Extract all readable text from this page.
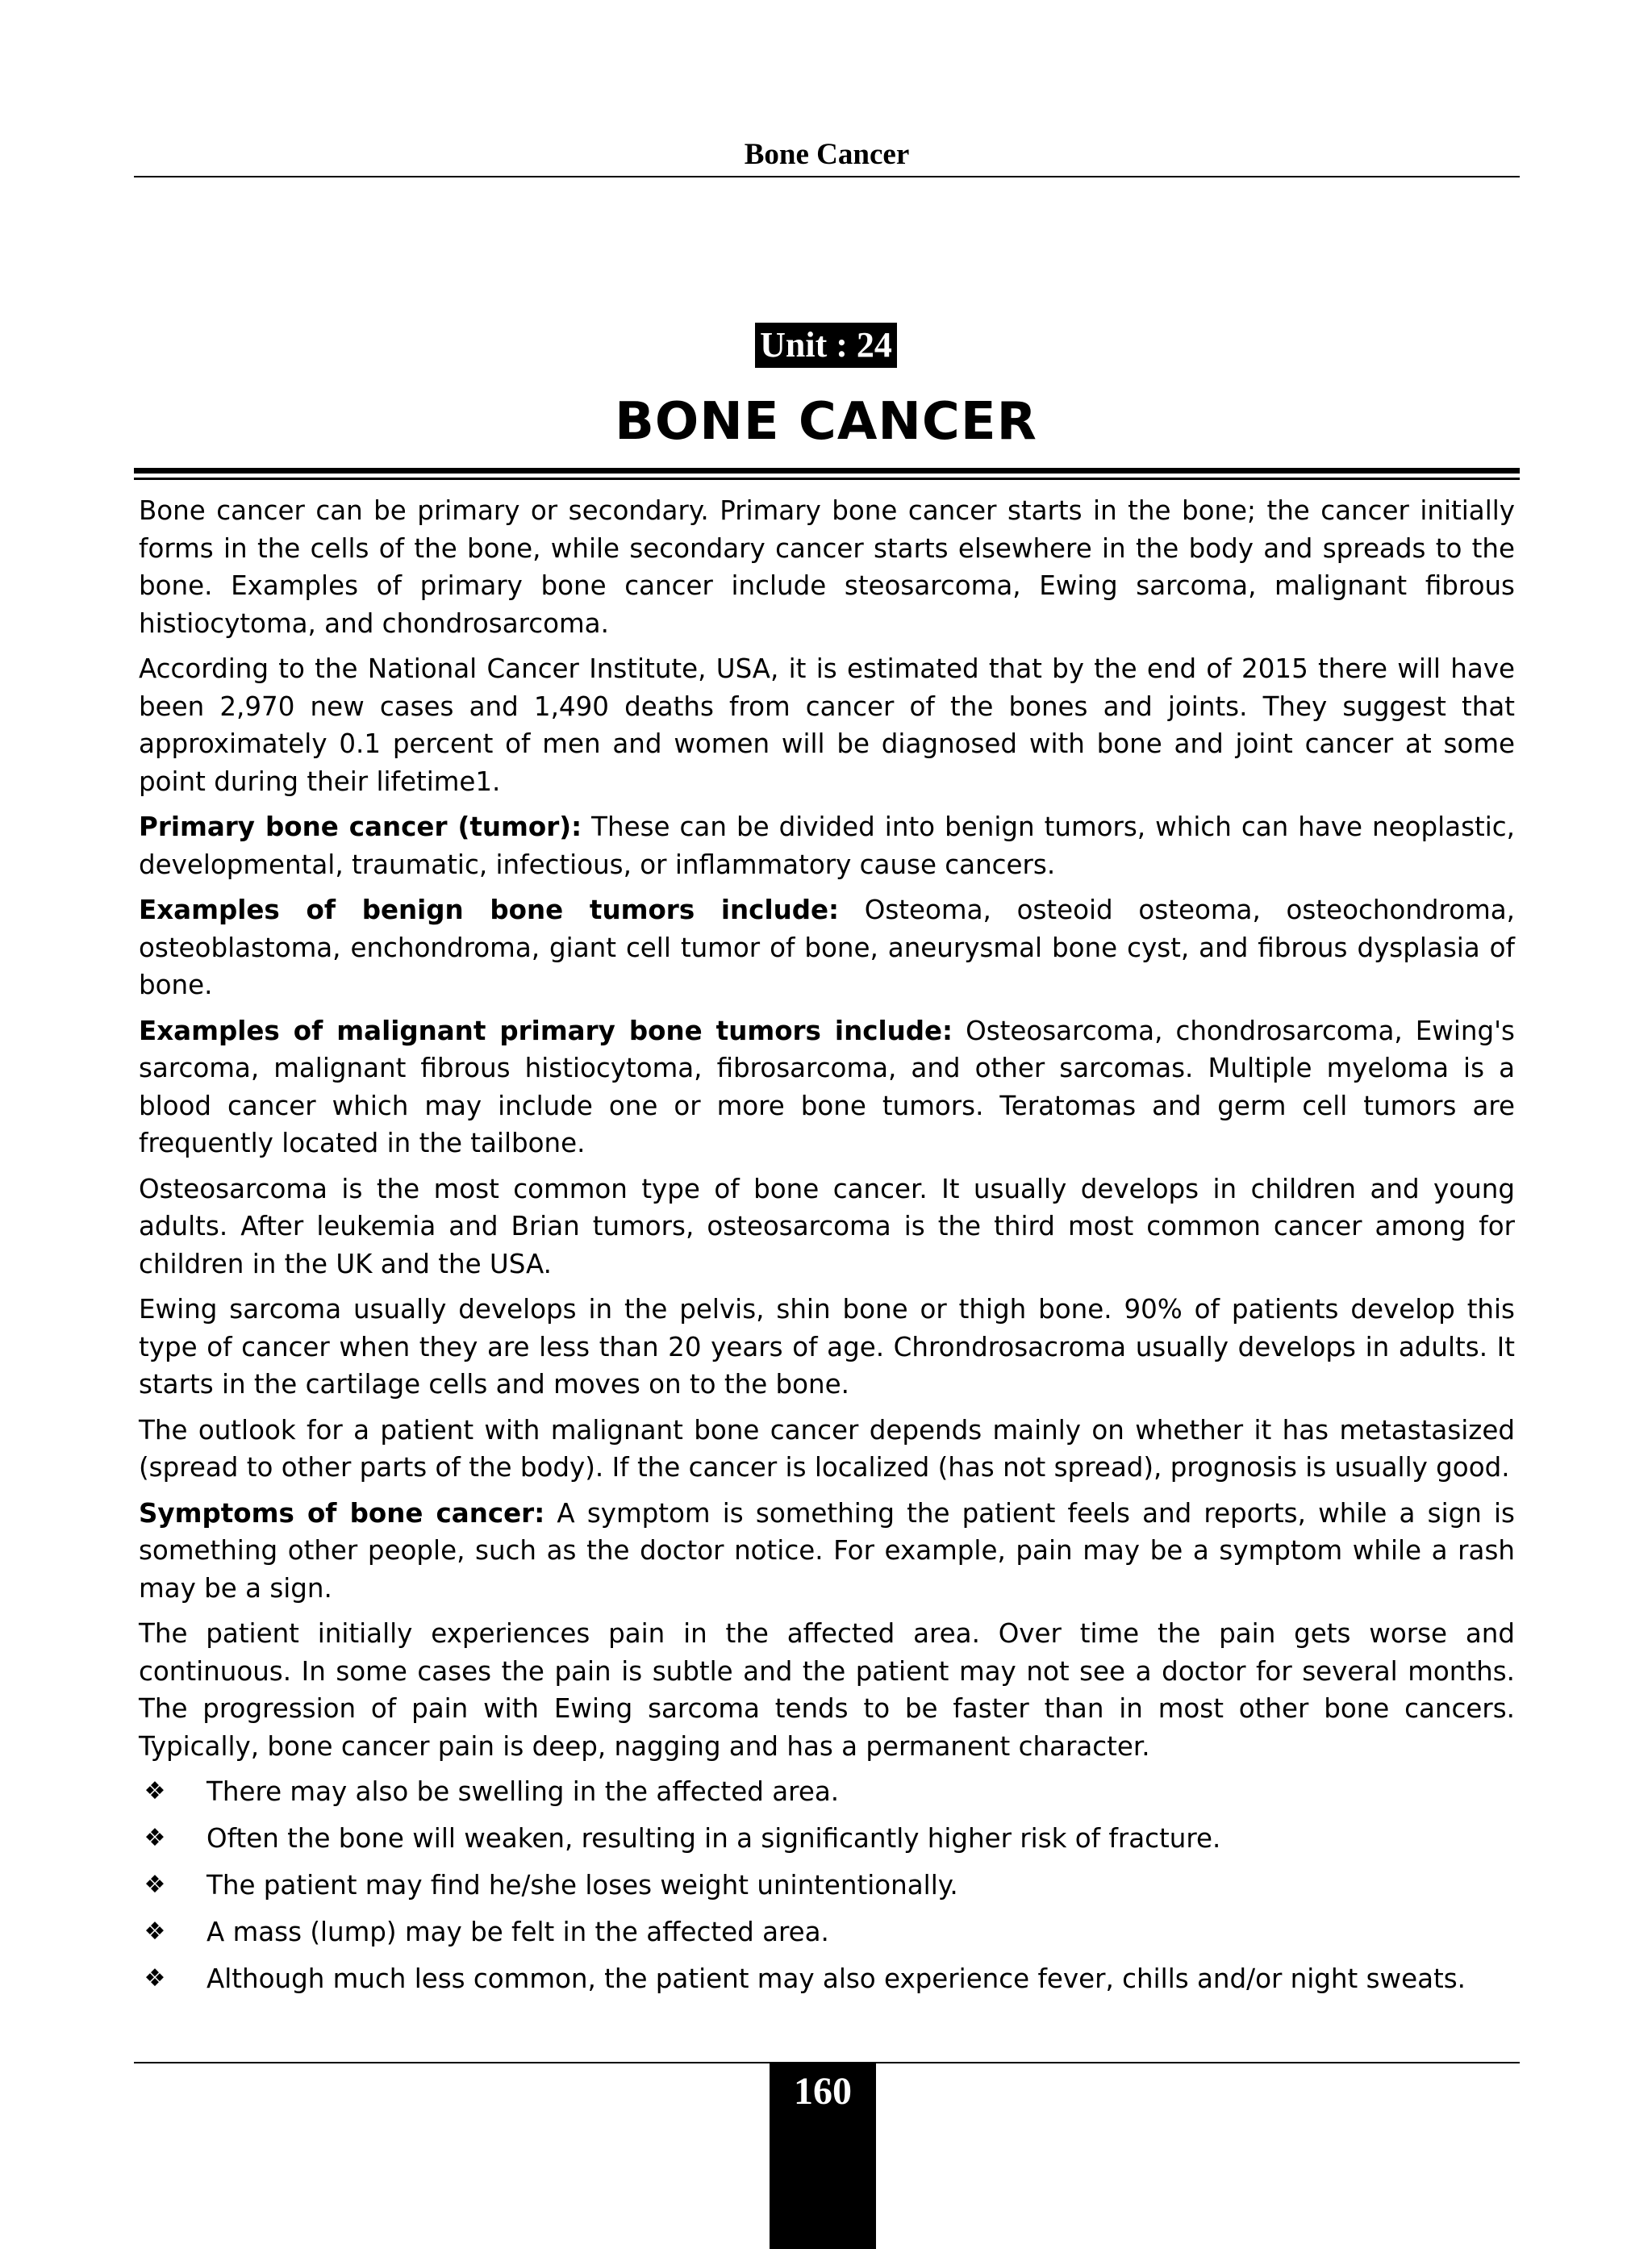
Bone Cancer
Unit : 24
BONE CANCER

Bone cancer can be primary or secondary. Primary bone cancer starts in the bone; the cancer initially forms in the cells of the bone, while secondary cancer starts elsewhere in the body and spreads to the bone. Examples of primary bone cancer include steosarcoma, Ewing sarcoma, malignant fibrous histiocytoma, and chondrosarcoma.

According to the National Cancer Institute, USA, it is estimated that by the end of 2015 there will have been 2,970 new cases and 1,490 deaths from cancer of the bones and joints. They suggest that approximately 0.1 percent of men and women will be diagnosed with bone and joint cancer at some point during their lifetime1.

Primary bone cancer (tumor): These can be divided into benign tumors, which can have neoplastic, developmental, traumatic, infectious, or inflammatory cause cancers.

Examples of benign bone tumors include: Osteoma, osteoid osteoma, osteochondroma, osteoblastoma, enchondroma, giant cell tumor of bone, aneurysmal bone cyst, and fibrous dysplasia of bone.

Examples of malignant primary bone tumors include: Osteosarcoma, chondrosarcoma, Ewing's sarcoma, malignant fibrous histiocytoma, fibrosarcoma, and other sarcomas. Multiple myeloma is a blood cancer which may include one or more bone tumors. Teratomas and germ cell tumors are frequently located in the tailbone.

Osteosarcoma is the most common type of bone cancer. It usually develops in children and young adults. After leukemia and Brian tumors, osteosarcoma is the third most common cancer among for children in the UK and the USA.

Ewing sarcoma usually develops in the pelvis, shin bone or thigh bone. 90% of patients develop this type of cancer when they are less than 20 years of age. Chrondrosacroma usually develops in adults. It starts in the cartilage cells and moves on to the bone.

The outlook for a patient with malignant bone cancer depends mainly on whether it has metastasized (spread to other parts of the body). If the cancer is localized (has not spread), prognosis is usually good.

Symptoms of bone cancer: A symptom is something the patient feels and reports, while a sign is something other people, such as the doctor notice. For example, pain may be a symptom while a rash may be a sign.

The patient initially experiences pain in the affected area. Over time the pain gets worse and continuous. In some cases the pain is subtle and the patient may not see a doctor for several months. The progression of pain with Ewing sarcoma tends to be faster than in most other bone cancers. Typically, bone cancer pain is deep, nagging and has a permanent character.

❖ There may also be swelling in the affected area.
❖ Often the bone will weaken, resulting in a significantly higher risk of fracture.
❖ The patient may find he/she loses weight unintentionally.
❖ A mass (lump) may be felt in the affected area.
❖ Although much less common, the patient may also experience fever, chills and/or night sweats.
160
